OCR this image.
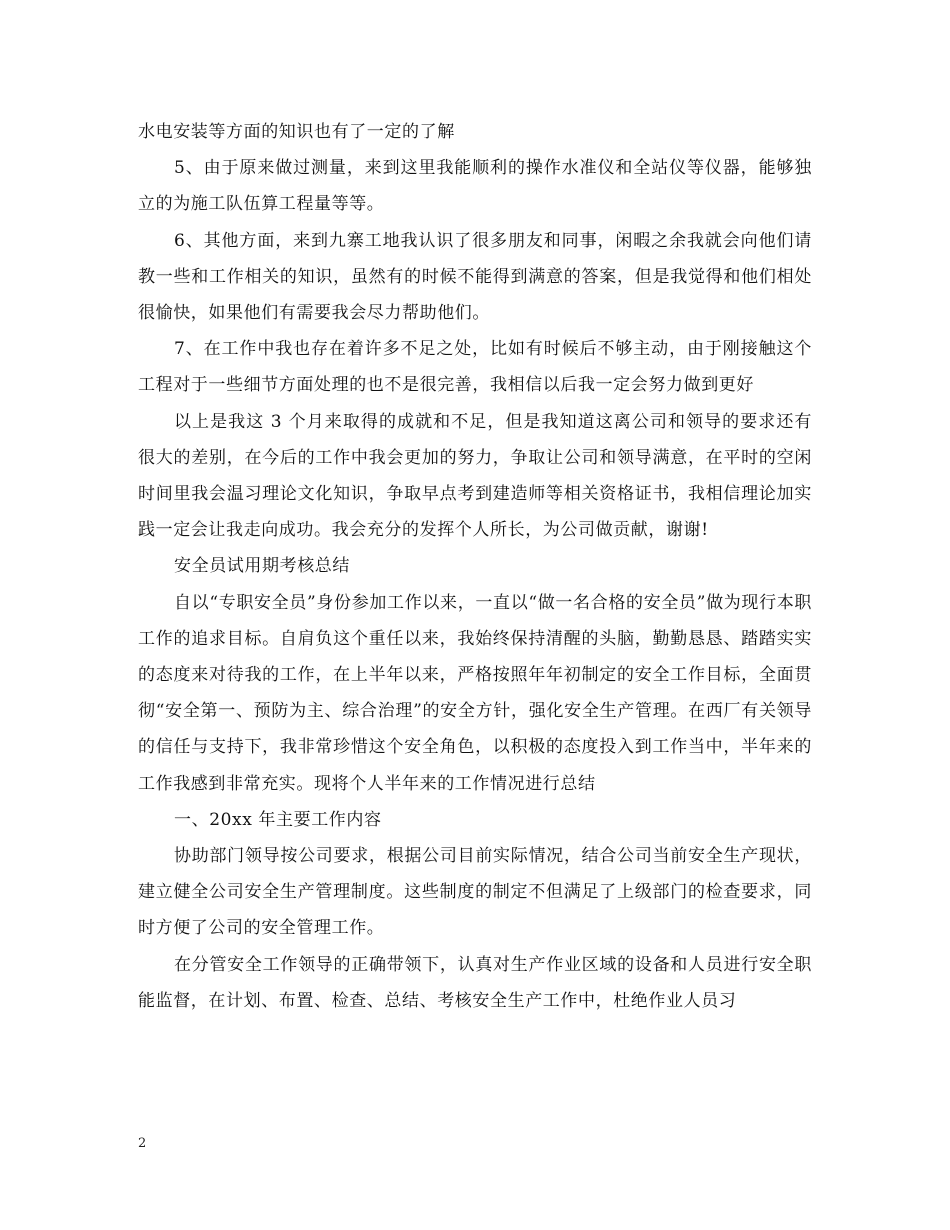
水电安装等方面的知识也有了一定的了解

5、由于原来做过测量，来到这里我能顺利的操作水准仪和全站仪等仪器，能够独立的为施工队伍算工程量等等。

6、其他方面，来到九寨工地我认识了很多朋友和同事，闲暇之余我就会向他们请教一些和工作相关的知识，虽然有的时候不能得到满意的答案，但是我觉得和他们相处很愉快，如果他们有需要我会尽力帮助他们。

7、在工作中我也存在着许多不足之处，比如有时候后不够主动，由于刚接触这个工程对于一些细节方面处理的也不是很完善，我相信以后我一定会努力做到更好

以上是我这 3 个月来取得的成就和不足，但是我知道这离公司和领导的要求还有很大的差别，在今后的工作中我会更加的努力，争取让公司和领导满意，在平时的空闲时间里我会温习理论文化知识，争取早点考到建造师等相关资格证书，我相信理论加实践一定会让我走向成功。我会充分的发挥个人所长，为公司做贡献，谢谢!

安全员试用期考核总结

自以“专职安全员”身份参加工作以来，一直以“做一名合格的安全员”做为现行本职工作的追求目标。自肩负这个重任以来，我始终保持清醒的头脑，勤勤恳恳、踏踏实实的态度来对待我的工作，在上半年以来，严格按照年年初制定的安全工作目标，全面贯彻“安全第一、预防为主、综合治理”的安全方针，强化安全生产管理。在西厂有关领导的信任与支持下，我非常珍惜这个安全角色，以积极的态度投入到工作当中，半年来的工作我感到非常充实。现将个人半年来的工作情况进行总结

一、20xx 年主要工作内容

协助部门领导按公司要求，根据公司目前实际情况，结合公司当前安全生产现状，建立健全公司安全生产管理制度。这些制度的制定不但满足了上级部门的检查要求，同时方便了公司的安全管理工作。

在分管安全工作领导的正确带领下，认真对生产作业区域的设备和人员进行安全职能监督，在计划、布置、检查、总结、考核安全生产工作中，杜绝作业人员习

2
